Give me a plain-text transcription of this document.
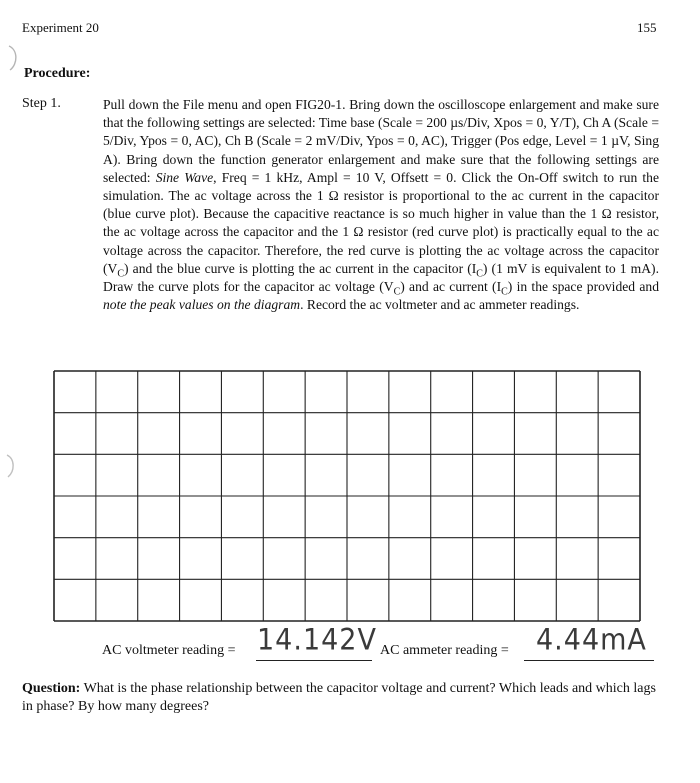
Experiment 20	155
Procedure:
Step 1.	Pull down the File menu and open FIG20-1. Bring down the oscilloscope enlargement and make sure that the following settings are selected: Time base (Scale = 200 µs/Div, Xpos = 0, Y/T), Ch A (Scale = 5/Div, Ypos = 0, AC), Ch B (Scale = 2 mV/Div, Ypos = 0, AC), Trigger (Pos edge, Level = 1 µV, Sing A). Bring down the function generator enlargement and make sure that the following settings are selected: Sine Wave, Freq = 1 kHz, Ampl = 10 V, Offsett = 0. Click the On-Off switch to run the simulation. The ac voltage across the 1 Ω resistor is proportional to the ac current in the capacitor (blue curve plot). Because the capacitive reactance is so much higher in value than the 1 Ω resistor, the ac voltage across the capacitor and the 1 Ω resistor (red curve plot) is practically equal to the ac voltage across the capacitor. Therefore, the red curve is plotting the ac voltage across the capacitor $(V_C)$ and the blue curve is plotting the ac current in the capacitor $(I_C)$ (1 mV is equivalent to 1 mA). Draw the curve plots for the capacitor ac voltage $(V_C)$ and ac current $(I_C)$ in the space provided and note the peak values on the diagram. Record the ac voltmeter and ac ammeter readings.

AC voltmeter reading = 14.142V AC ammeter reading = 4.44mA

Question: What is the phase relationship between the capacitor voltage and current? Which leads and which lags in phase? By how many degrees?
